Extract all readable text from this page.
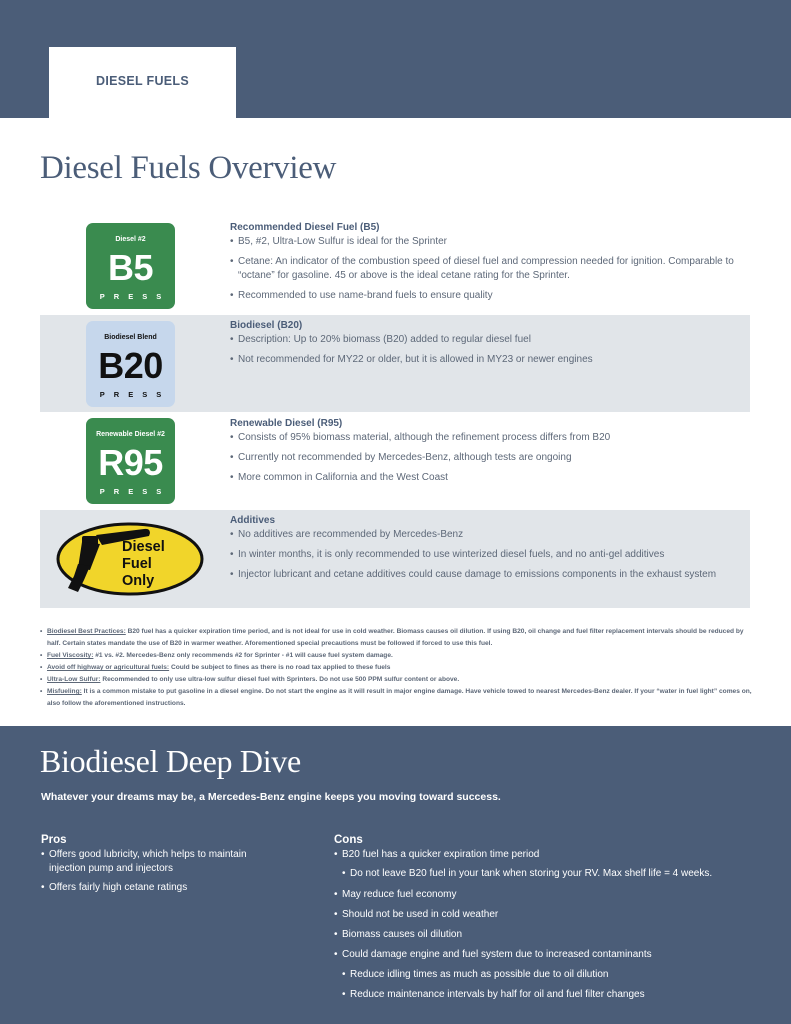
DIESEL FUELS
Diesel Fuels Overview
Diesel #2
B5
PRESS
Recommended Diesel Fuel (B5)
• B5, #2, Ultra-Low Sulfur is ideal for the Sprinter
• Cetane: An indicator of the combustion speed of diesel fuel and compression needed for ignition. Comparable to “octane” for gasoline. 45 or above is the ideal cetane rating for the Sprinter.
• Recommended to use name-brand fuels to ensure quality
Biodiesel Blend
B20
PRESS
Biodiesel (B20)
• Description: Up to 20% biomass (B20) added to regular diesel fuel
• Not recommended for MY22 or older, but it is allowed in MY23 or newer engines
Renewable Diesel #2
R95
PRESS
Renewable Diesel (R95)
• Consists of 95% biomass material, although the refinement process differs from B20
• Currently not recommended by Mercedes-Benz, although tests are ongoing
• More common in California and the West Coast
Diesel
Fuel
Only
Additives
• No additives are recommended by Mercedes-Benz
• In winter months, it is only recommended to use winterized diesel fuels, and no anti-gel additives
• Injector lubricant and cetane additives could cause damage to emissions components in the exhaust system
• Biodiesel Best Practices: B20 fuel has a quicker expiration time period, and is not ideal for use in cold weather. Biomass causes oil dilution. If using B20, oil change and fuel filter replacement intervals should be reduced by half. Certain states mandate the use of B20 in warmer weather. Aforementioned special precautions must be followed if forced to use this fuel.
• Fuel Viscosity: #1 vs. #2. Mercedes-Benz only recommends #2 for Sprinter - #1 will cause fuel system damage.
• Avoid off highway or agricultural fuels: Could be subject to fines as there is no road tax applied to these fuels
• Ultra-Low Sulfur: Recommended to only use ultra-low sulfur diesel fuel with Sprinters. Do not use 500 PPM sulfur content or above.
• Misfueling: It is a common mistake to put gasoline in a diesel engine. Do not start the engine as it will result in major engine damage. Have vehicle towed to nearest Mercedes-Benz dealer. If your “water in fuel light” comes on, also follow the aforementioned instructions.
Biodiesel Deep Dive
Whatever your dreams may be, a Mercedes-Benz engine keeps you moving toward success.
Pros
• Offers good lubricity, which helps to maintain injection pump and injectors
• Offers fairly high cetane ratings
Cons
• B20 fuel has a quicker expiration time period
• Do not leave B20 fuel in your tank when storing your RV. Max shelf life = 4 weeks.
• May reduce fuel economy
• Should not be used in cold weather
• Biomass causes oil dilution
• Could damage engine and fuel system due to increased contaminants
• Reduce idling times as much as possible due to oil dilution
• Reduce maintenance intervals by half for oil and fuel filter changes
